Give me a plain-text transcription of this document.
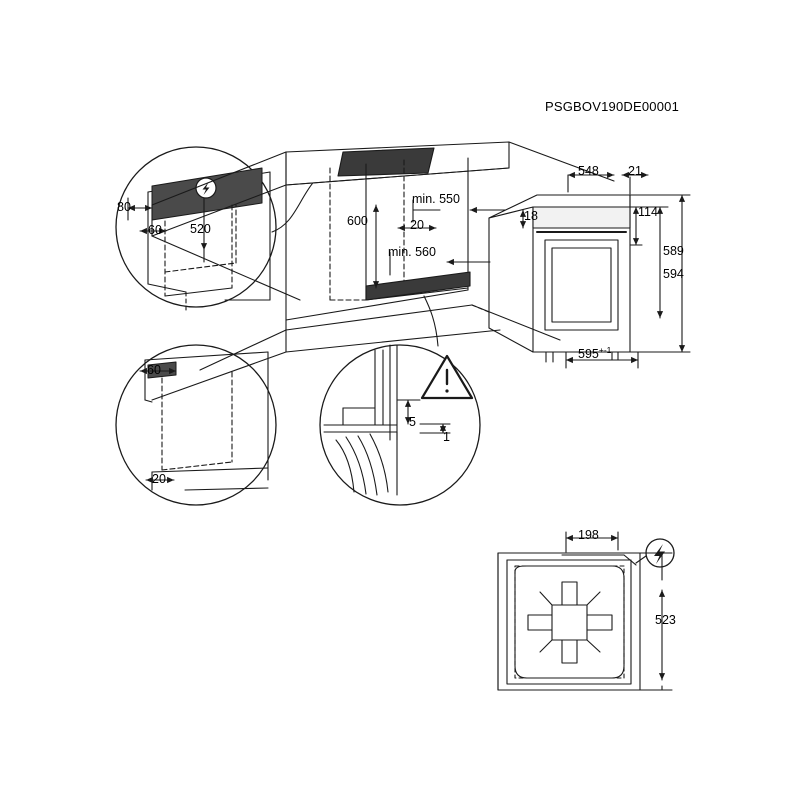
PSGBOV190DE00001
80
60 520
60
20
min. 550
600	20
min. 560
548 21
18	114
589
594
$595^{+-1}$
5
1
198
523
